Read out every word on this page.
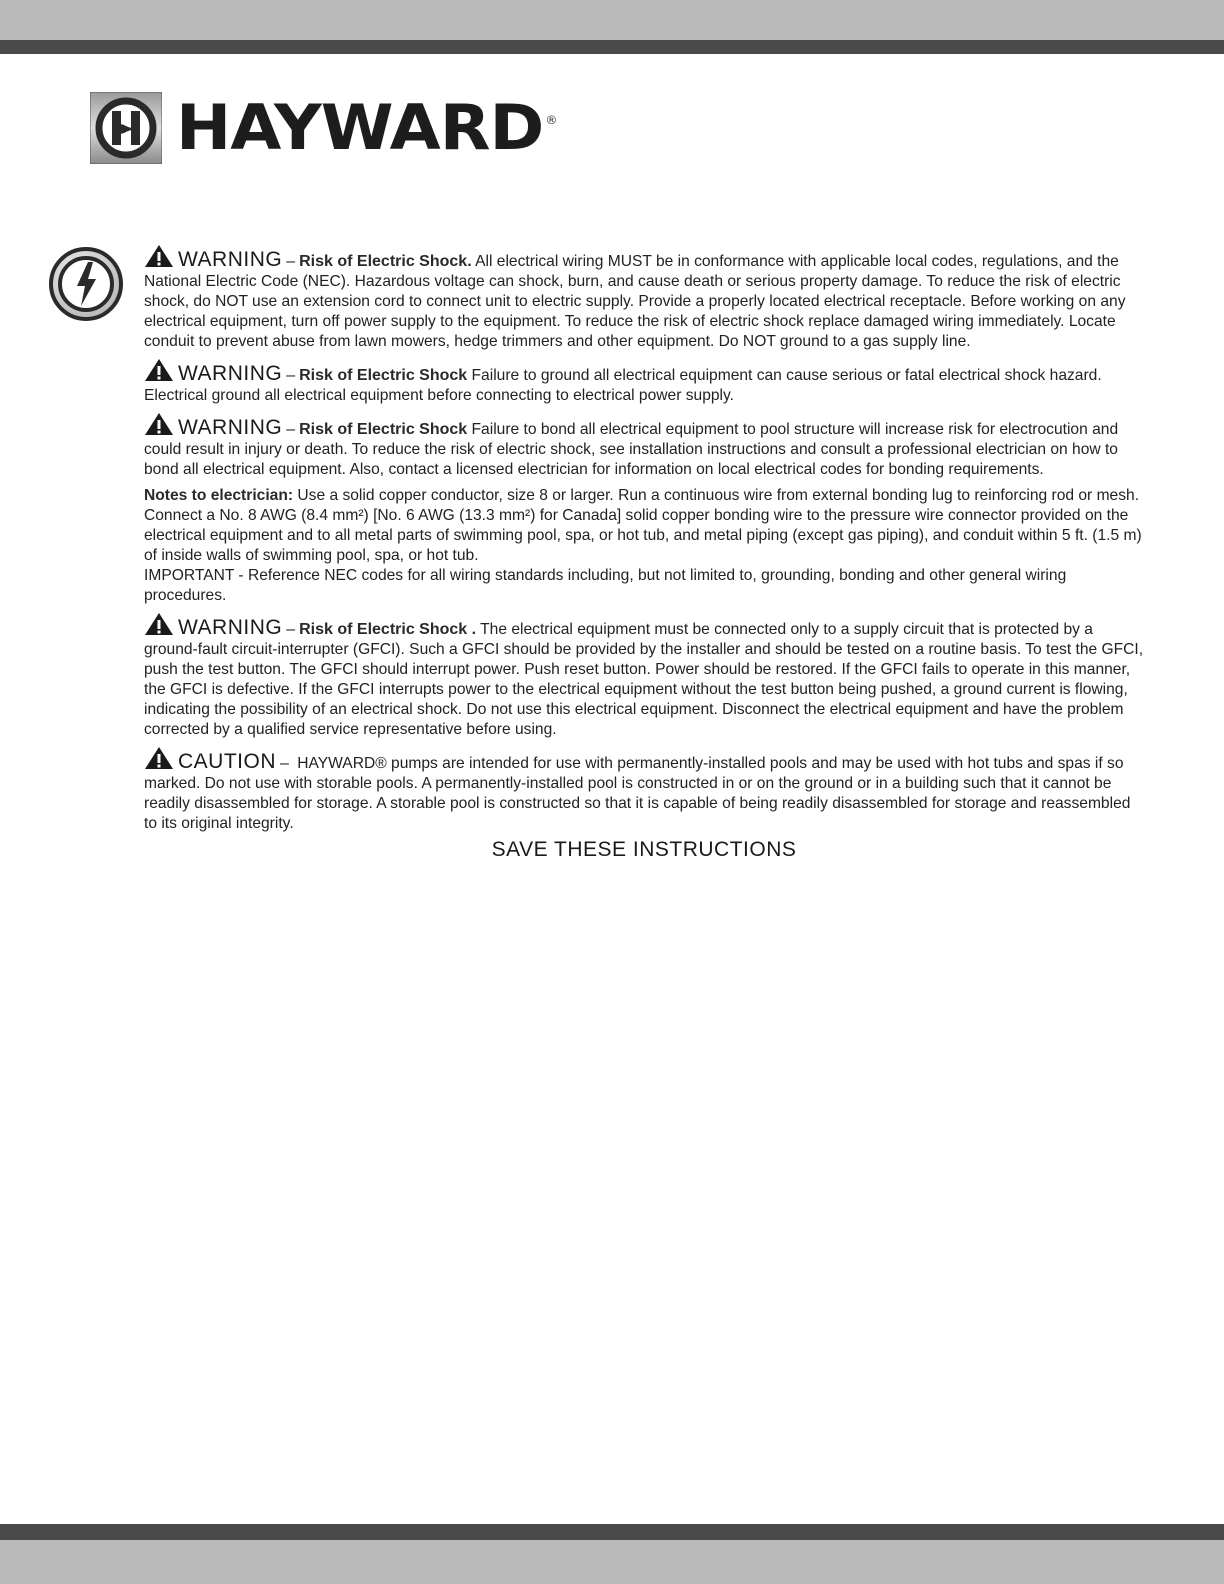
HAYWARD ®

WARNING – Risk of Electric Shock. All electrical wiring MUST be in conformance with applicable local codes, regulations, and the National Electric Code (NEC). Hazardous voltage can shock, burn, and cause death or serious property damage. To reduce the risk of electric shock, do NOT use an extension cord to connect unit to electric supply. Provide a properly located electrical receptacle. Before working on any electrical equipment, turn off power supply to the equipment. To reduce the risk of electric shock replace damaged wiring immediately. Locate conduit to prevent abuse from lawn mowers, hedge trimmers and other equipment. Do NOT ground to a gas supply line.

WARNING – Risk of Electric Shock Failure to ground all electrical equipment can cause serious or fatal electrical shock hazard. Electrical ground all electrical equipment before connecting to electrical power supply.

WARNING – Risk of Electric Shock Failure to bond all electrical equipment to pool structure will increase risk for electrocution and could result in injury or death. To reduce the risk of electric shock, see installation instructions and consult a professional electrician on how to bond all electrical equipment. Also, contact a licensed electrician for information on local electrical codes for bonding requirements.

Notes to electrician: Use a solid copper conductor, size 8 or larger. Run a continuous wire from external bonding lug to reinforcing rod or mesh. Connect a No. 8 AWG (8.4 mm²) [No. 6 AWG (13.3 mm²) for Canada] solid copper bonding wire to the pressure wire connector provided on the electrical equipment and to all metal parts of swimming pool, spa, or hot tub, and metal piping (except gas piping), and conduit within 5 ft. (1.5 m) of inside walls of swimming pool, spa, or hot tub.

IMPORTANT - Reference NEC codes for all wiring standards including, but not limited to, grounding, bonding and other general wiring procedures.

WARNING – Risk of Electric Shock . The electrical equipment must be connected only to a supply circuit that is protected by a ground-fault circuit-interrupter (GFCI). Such a GFCI should be provided by the installer and should be tested on a routine basis. To test the GFCI, push the test button. The GFCI should interrupt power. Push reset button. Power should be restored. If the GFCI fails to operate in this manner, the GFCI is defective. If the GFCI interrupts power to the electrical equipment without the test button being pushed, a ground current is flowing, indicating the possibility of an electrical shock. Do not use this electrical equipment. Disconnect the electrical equipment and have the problem corrected by a qualified service representative before using.

CAUTION – HAYWARD® pumps are intended for use with permanently-installed pools and may be used with hot tubs and spas if so marked. Do not use with storable pools. A permanently-installed pool is constructed in or on the ground or in a building such that it cannot be readily disassembled for storage. A storable pool is constructed so that it is capable of being readily disassembled for storage and reassembled to its original integrity.

SAVE THESE INSTRUCTIONS
